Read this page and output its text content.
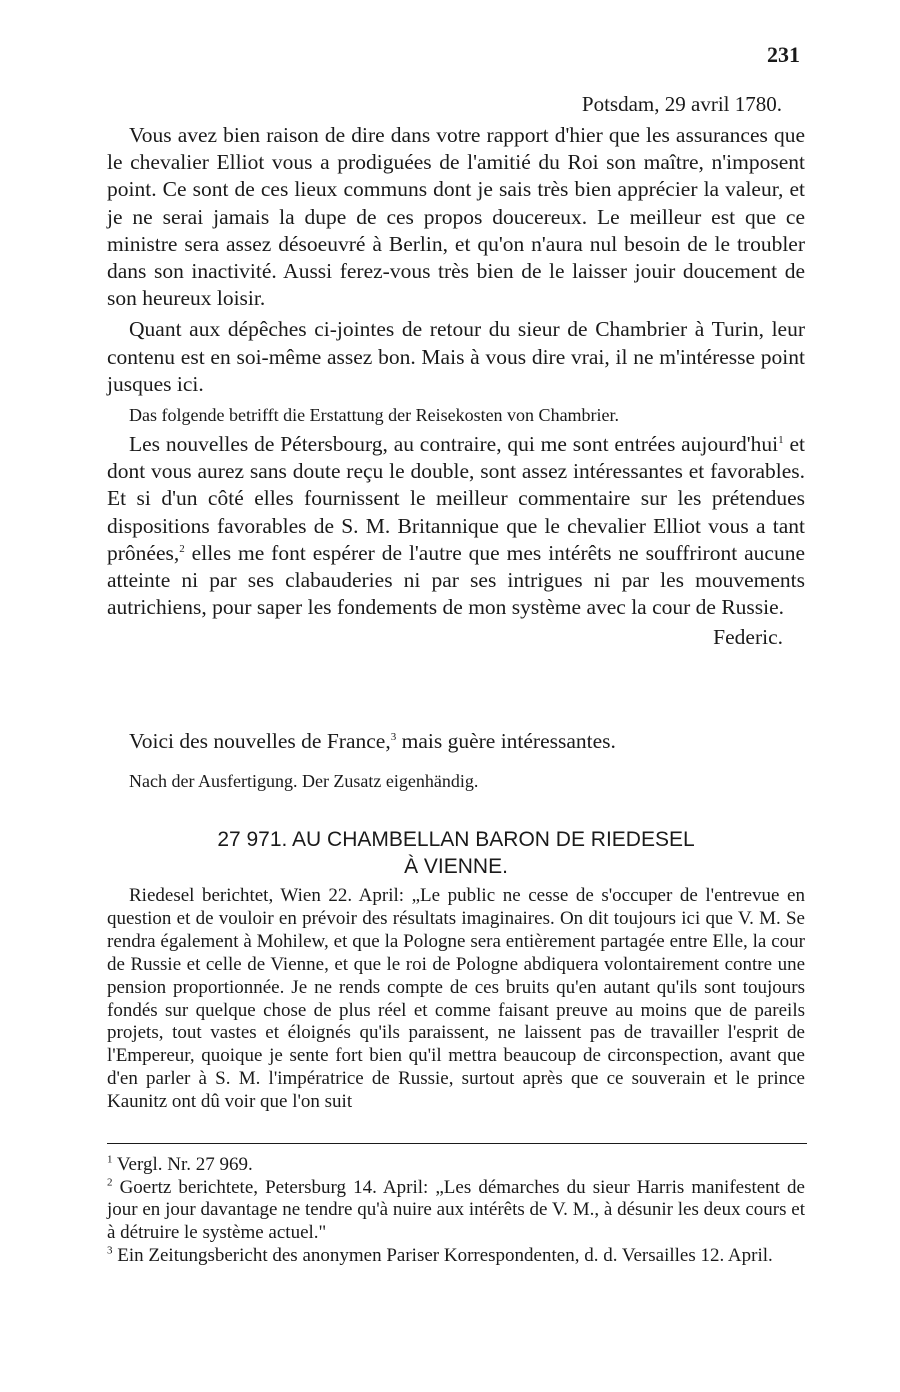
231
Potsdam, 29 avril 1780.

Vous avez bien raison de dire dans votre rapport d'hier que les assurances que le chevalier Elliot vous a prodiguées de l'amitié du Roi son maître, n'imposent point. Ce sont de ces lieux communs dont je sais très bien apprécier la valeur, et je ne serai jamais la dupe de ces propos doucereux. Le meilleur est que ce ministre sera assez désoeuvré à Berlin, et qu'on n'aura nul besoin de le troubler dans son inactivité. Aussi ferez-vous très bien de le laisser jouir doucement de son heureux loisir.

Quant aux dépêches ci-jointes de retour du sieur de Chambrier à Turin, leur contenu est en soi-même assez bon. Mais à vous dire vrai, il ne m'intéresse point jusques ici.

Das folgende betrifft die Erstattung der Reisekosten von Chambrier.

Les nouvelles de Pétersbourg, au contraire, qui me sont entrées aujourd'hui$^1$ et dont vous aurez sans doute reçu le double, sont assez intéressantes et favorables. Et si d'un côté elles fournissent le meilleur commentaire sur les prétendues dispositions favorables de S. M. Britannique que le chevalier Elliot vous a tant prônées,$^2$ elles me font espérer de l'autre que mes intérêts ne souffriront aucune atteinte ni par ses clabauderies ni par ses intrigues ni par les mouvements autrichiens, pour saper les fondements de mon système avec la cour de Russie.

Federic.

Voici des nouvelles de France,$^3$ mais guère intéressantes.

Nach der Ausfertigung. Der Zusatz eigenhändig.

27 971. AU CHAMBELLAN BARON DE RIEDESEL
À VIENNE.

Riedesel berichtet, Wien 22. April: „Le public ne cesse de s'occuper de l'entrevue en question et de vouloir en prévoir des résultats imaginaires. On dit toujours ici que V. M. Se rendra également à Mohilew, et que la Pologne sera entièrement partagée entre Elle, la cour de Russie et celle de Vienne, et que le roi de Pologne abdiquera volontairement contre une pension proportionnée. Je ne rends compte de ces bruits qu'en autant qu'ils sont toujours fondés sur quelque chose de plus réel et comme faisant preuve au moins que de pareils projets, tout vastes et éloignés qu'ils paraissent, ne laissent pas de travailler l'esprit de l'Empereur, quoique je sente fort bien qu'il mettra beaucoup de circonspection, avant que d'en parler à S. M. l'impératrice de Russie, surtout après que ce souverain et le prince Kaunitz ont dû voir que l'on suit

$^1$ Vergl. Nr. 27 969.

$^2$ Goertz berichtete, Petersburg 14. April: „Les démarches du sieur Harris manifestent de jour en jour davantage ne tendre qu'à nuire aux intérêts de V. M., à désunir les deux cours et à détruire le système actuel."

$^3$ Ein Zeitungsbericht des anonymen Pariser Korrespondenten, d. d. Versailles 12. April.
